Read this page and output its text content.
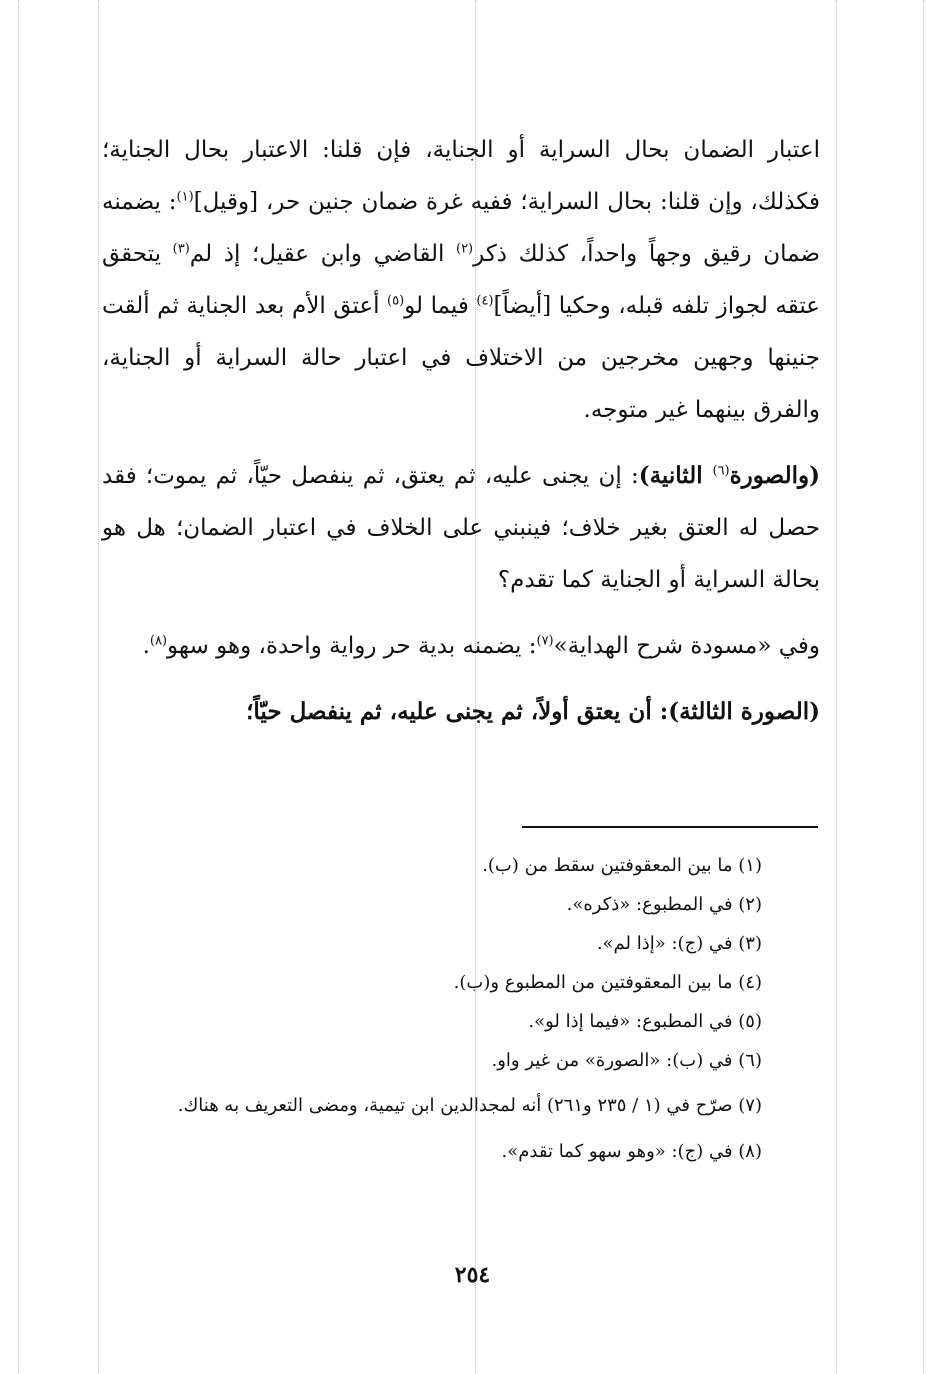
اعتبار الضمان بحال السراية أو الجناية، فإن قلنا: الاعتبار بحال الجناية؛ فكذلك، وإن قلنا: بحال السراية؛ ففيه غرة ضمان جنين حر، [وقيل]$^{(١)}$: يضمنه ضمان رقيق وجهاً واحداً، كذلك ذكر$^{(٢)}$ القاضي وابن عقيل؛ إذ لم$^{(٣)}$ يتحقق عتقه لجواز تلفه قبله، وحكيا [أيضاً]$^{(٤)}$ فيما لو$^{(٥)}$ أعتق الأم بعد الجناية ثم ألقت جنينها وجهين مخرجين من الاختلاف في اعتبار حالة السراية أو الجناية، والفرق بينهما غير متوجه.

(والصورة$^{(٦)}$ الثانية): إن يجنى عليه، ثم يعتق، ثم ينفصل حيّاً، ثم يموت؛ فقد حصل له العتق بغير خلاف؛ فينبني على الخلاف في اعتبار الضمان؛ هل هو بحالة السراية أو الجناية كما تقدم؟

وفي «مسودة شرح الهداية»$^{(٧)}$: يضمنه بدية حر رواية واحدة، وهو سهو$^{(٨)}$.

(الصورة الثالثة): أن يعتق أولاً، ثم يجنى عليه، ثم ينفصل حيّاً؛

(١) ما بين المعقوفتين سقط من (ب).

(٢) في المطبوع: «ذكره».

(٣) في (ج): «إذا لم».

(٤) ما بين المعقوفتين من المطبوع و(ب).

(٥) في المطبوع: «فيما إذا لو».

(٦) في (ب): «الصورة» من غير واو.

(٧) صرّح في (١ / ٢٣٥ و٢٦١) أنه لمجدالدين ابن تيمية، ومضى التعريف به هناك.

(٨) في (ج): «وهو سهو كما تقدم».

٢٥٤
